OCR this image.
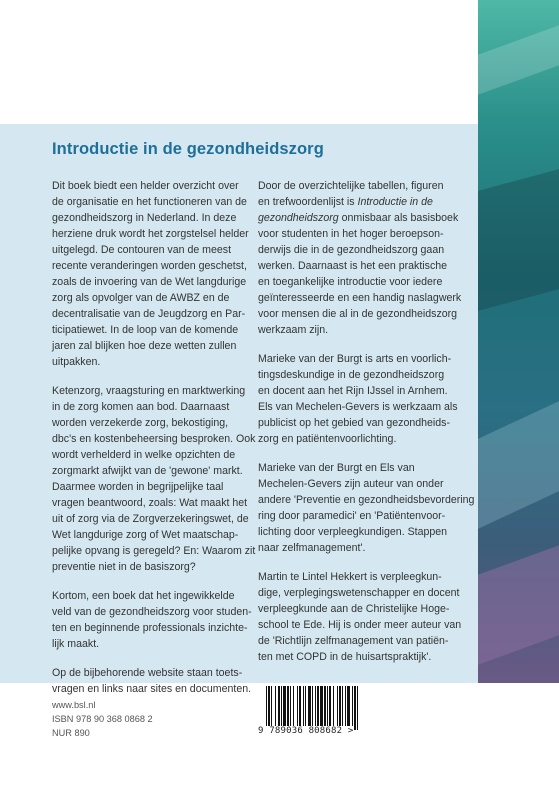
Introductie in de gezondheidszorg

Dit boek biedt een helder overzicht over
de organisatie en het functioneren van de
gezondheidszorg in Nederland. In deze
herziene druk wordt het zorgstelsel helder
uitgelegd. De contouren van de meest
recente veranderingen worden geschetst,
zoals de invoering van de Wet langdurige
zorg als opvolger van de AWBZ en de
decentralisatie van de Jeugdzorg en Par-
ticipatiewet. In de loop van de komende
jaren zal blijken hoe deze wetten zullen
uitpakken.

Ketenzorg, vraagsturing en marktwerking
in de zorg komen aan bod. Daarnaast
worden verzekerde zorg, bekostiging,
dbc's en kostenbeheersing besproken. Ook
wordt verhelderd in welke opzichten de
zorgmarkt afwijkt van de 'gewone' markt.
Daarmee worden in begrijpelijke taal
vragen beantwoord, zoals: Wat maakt het
uit of zorg via de Zorgverzekeringswet, de
Wet langdurige zorg of Wet maatschap-
pelijke opvang is geregeld? En: Waarom zit
preventie niet in de basiszorg?

Kortom, een boek dat het ingewikkelde
veld van de gezondheidszorg voor studen-
ten en beginnende professionals inzichte-
lijk maakt.

Op de bijbehorende website staan toets-
vragen en links naar sites en documenten.

Door de overzichtelijke tabellen, figuren
en trefwoordenlijst is Introductie in de
gezondheidszorg onmisbaar als basisboek
voor studenten in het hoger beroepson-
derwijs die in de gezondheidszorg gaan
werken. Daarnaast is het een praktische
en toegankelijke introductie voor iedere
geïnteresseerde en een handig naslagwerk
voor mensen die al in de gezondheidszorg
werkzaam zijn.

Marieke van der Burgt is arts en voorlich-
tingsdeskundige in de gezondheidszorg
en docent aan het Rijn IJssel in Arnhem.
Els van Mechelen-Gevers is werkzaam als
publicist op het gebied van gezondheids-
zorg en patiëntenvoorlichting.

Marieke van der Burgt en Els van
Mechelen-Gevers zijn auteur van onder
andere 'Preventie en gezondheidsbevordering
ring door paramedici' en 'Patiëntenvoor-
lichting door verpleegkundigen. Stappen
naar zelfmanagement'.

Martin te Lintel Hekkert is verpleegkun-
dige, verplegingswetenschapper en docent
verpleegkunde aan de Christelijke Hoge-
school te Ede. Hij is onder meer auteur van
de 'Richtlijn zelfmanagement van patiën-
ten met COPD in de huisartspraktijk'.

www.bsl.nl
ISBN 978 90 368 0868 2
NUR 890	9 789036 808682 >
